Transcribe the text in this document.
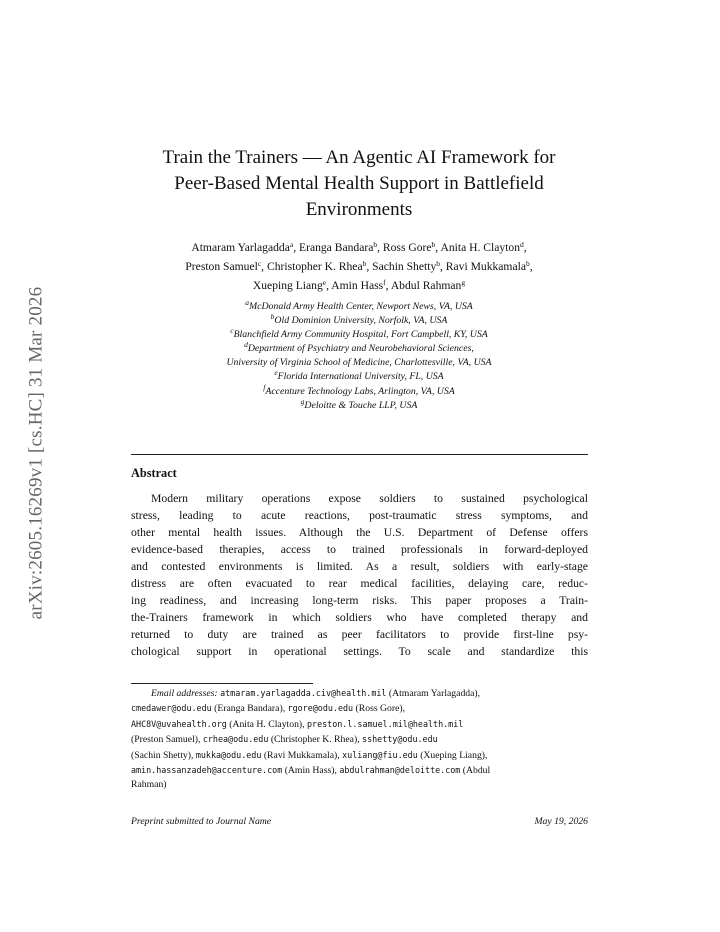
arXiv:2605.16269v1 [cs.HC] 31 Mar 2026
Train the Trainers — An Agentic AI Framework for
Peer-Based Mental Health Support in Battlefield
Environments
Atmaram Yarlagadda$^a$, Eranga Bandara$^b$, Ross Gore$^b$, Anita H. Clayton$^d$,
Preston Samuel$^c$, Christopher K. Rhea$^b$, Sachin Shetty$^b$, Ravi Mukkamala$^b$,
Xueping Liang$^e$, Amin Hass$^f$, Abdul Rahman$^g$
$^a$McDonald Army Health Center, Newport News, VA, USA
$^b$Old Dominion University, Norfolk, VA, USA
$^c$Blanchfield Army Community Hospital, Fort Campbell, KY, USA
$^d$Department of Psychiatry and Neurobehavioral Sciences,
University of Virginia School of Medicine, Charlottesville, VA, USA
$^e$Florida International University, FL, USA
$^f$Accenture Technology Labs, Arlington, VA, USA
$^g$Deloitte & Touche LLP, USA
Abstract
Modern military operations expose soldiers to sustained psychological
stress, leading to acute reactions, post-traumatic stress symptoms, and
other mental health issues. Although the U.S. Department of Defense offers
evidence-based therapies, access to trained professionals in forward-deployed
and contested environments is limited. As a result, soldiers with early-stage
distress are often evacuated to rear medical facilities, delaying care, reduc-
ing readiness, and increasing long-term risks. This paper proposes a Train-
the-Trainers framework in which soldiers who have completed therapy and
returned to duty are trained as peer facilitators to provide first-line psy-
chological support in operational settings. To scale and standardize this
Email addresses: atmaram.yarlagadda.civ@health.mil (Atmaram Yarlagadda),
cmedawer@odu.edu (Eranga Bandara), rgore@odu.edu (Ross Gore),
AHC8V@uvahealth.org (Anita H. Clayton), preston.l.samuel.mil@health.mil
(Preston Samuel), crhea@odu.edu (Christopher K. Rhea), sshetty@odu.edu
(Sachin Shetty), mukka@odu.edu (Ravi Mukkamala), xuliang@fiu.edu (Xueping Liang),
amin.hassanzadeh@accenture.com (Amin Hass), abdulrahman@deloitte.com (Abdul
Rahman)
Preprint submitted to Journal Name	May 19, 2026
